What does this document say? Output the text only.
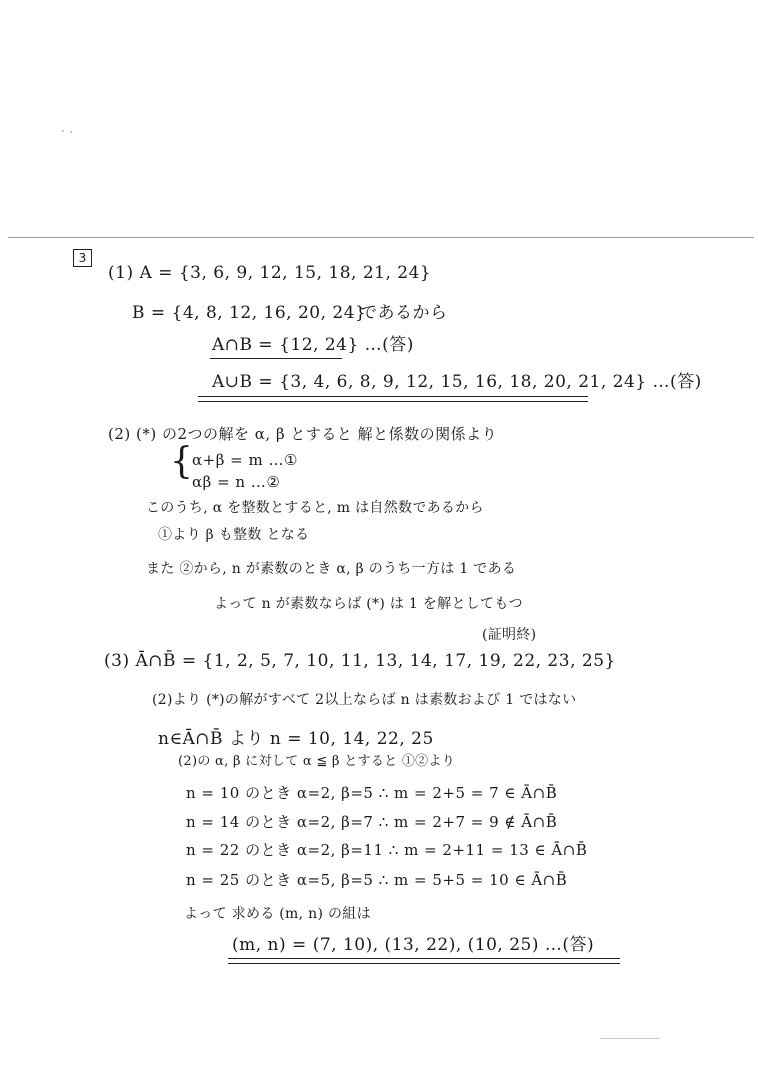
3
(1) A = {3, 6, 9, 12, 15, 18, 21, 24}
B = {4, 8, 12, 16, 20, 24}
であるから
A∩B = {12, 24} …(答)
A∪B = {3, 4, 6, 8, 9, 12, 15, 16, 18, 20, 21, 24} …(答)
(2) (*) の2つの解を α, β とすると 解と係数の関係より
{
α+β = m …①
αβ = n …②
このうち, α を整数とすると, m は自然数であるから
①より β も整数 となる
また ②から, n が素数のとき α, β のうち一方は 1 である
よって n が素数ならば (*) は 1 を解としてもつ
(証明終)
(3) Ā∩B̄ = {1, 2, 5, 7, 10, 11, 13, 14, 17, 19, 22, 23, 25}
(2)より (*)の解がすべて 2以上ならば n は素数および 1 ではない
n∈Ā∩B̄ より n = 10, 14, 22, 25
(2)の α, β に対して α ≦ β とすると ①②より
n = 10 のとき α=2, β=5 ∴ m = 2+5 = 7 ∈ Ā∩B̄
n = 14 のとき α=2, β=7 ∴ m = 2+7 = 9 ∉ Ā∩B̄
n = 22 のとき α=2, β=11 ∴ m = 2+11 = 13 ∈ Ā∩B̄
n = 25 のとき α=5, β=5 ∴ m = 5+5 = 10 ∈ Ā∩B̄
よって 求める (m, n) の組は
(m, n) = (7, 10), (13, 22), (10, 25) …(答)
